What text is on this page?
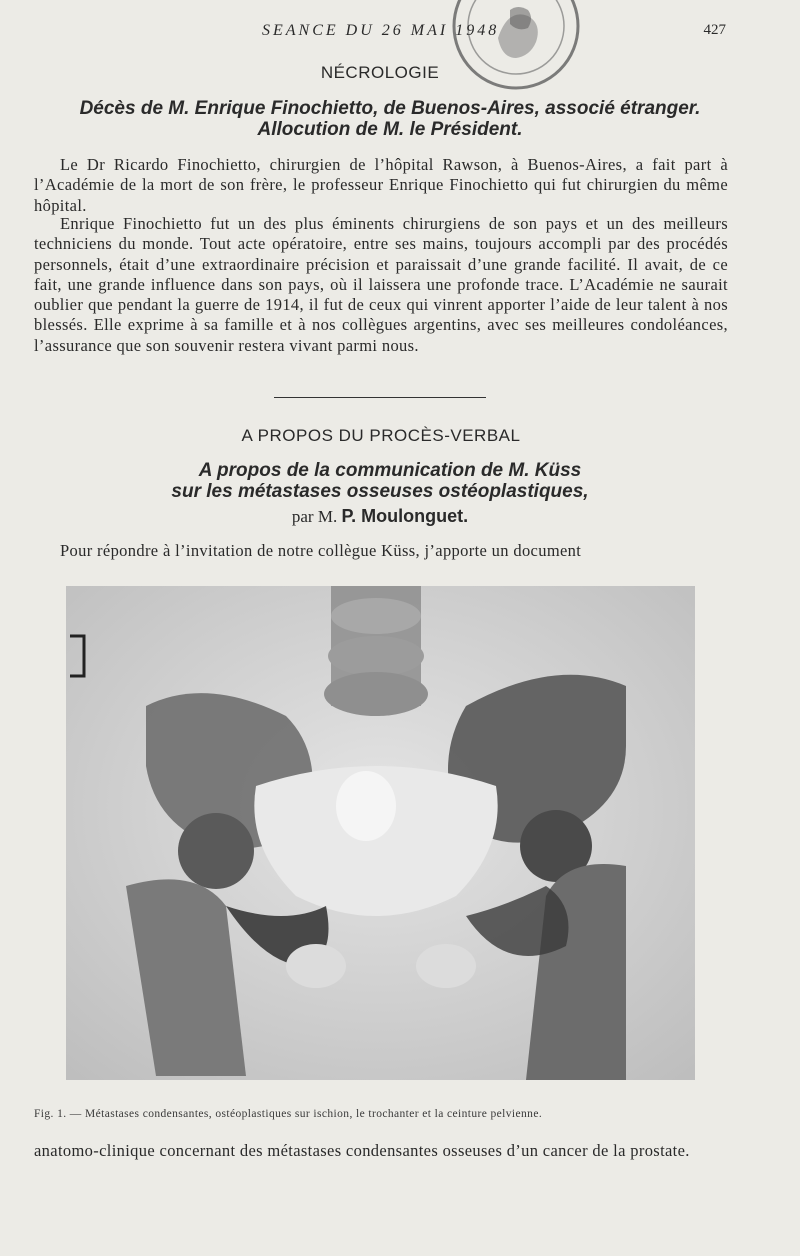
SEANCE DU 26 MAI 1948	427
NÉCROLOGIE
Décès de M. Enrique Finochietto, de Buenos-Aires, associé étranger.
Allocution de M. le Président.
Le Dr Ricardo Finochietto, chirurgien de l’hôpital Rawson, à Buenos-Aires, a fait part à l’Académie de la mort de son frère, le professeur Enrique Finochietto qui fut chirurgien du même hôpital.
Enrique Finochietto fut un des plus éminents chirurgiens de son pays et un des meilleurs techniciens du monde. Tout acte opératoire, entre ses mains, toujours accompli par des procédés personnels, était d’une extraordinaire précision et paraissait d’une grande facilité. Il avait, de ce fait, une grande influence dans son pays, où il laissera une profonde trace. L’Académie ne saurait oublier que pendant la guerre de 1914, il fut de ceux qui vinrent apporter l’aide de leur talent à nos blessés. Elle exprime à sa famille et à nos collègues argentins, avec ses meilleures condoléances, l’assurance que son souvenir restera vivant parmi nous.
A PROPOS DU PROCÈS-VERBAL
A propos de la communication de M. Küss
sur les métastases osseuses ostéoplastiques,
par M. P. Moulonguet.
Pour répondre à l’invitation de notre collègue Küss, j’apporte un document
Fig. 1. — Métastases condensantes, ostéoplastiques sur ischion, le trochanter et la ceinture pelvienne.
anatomo-clinique concernant des métastases condensantes osseuses d’un cancer de la prostate.
